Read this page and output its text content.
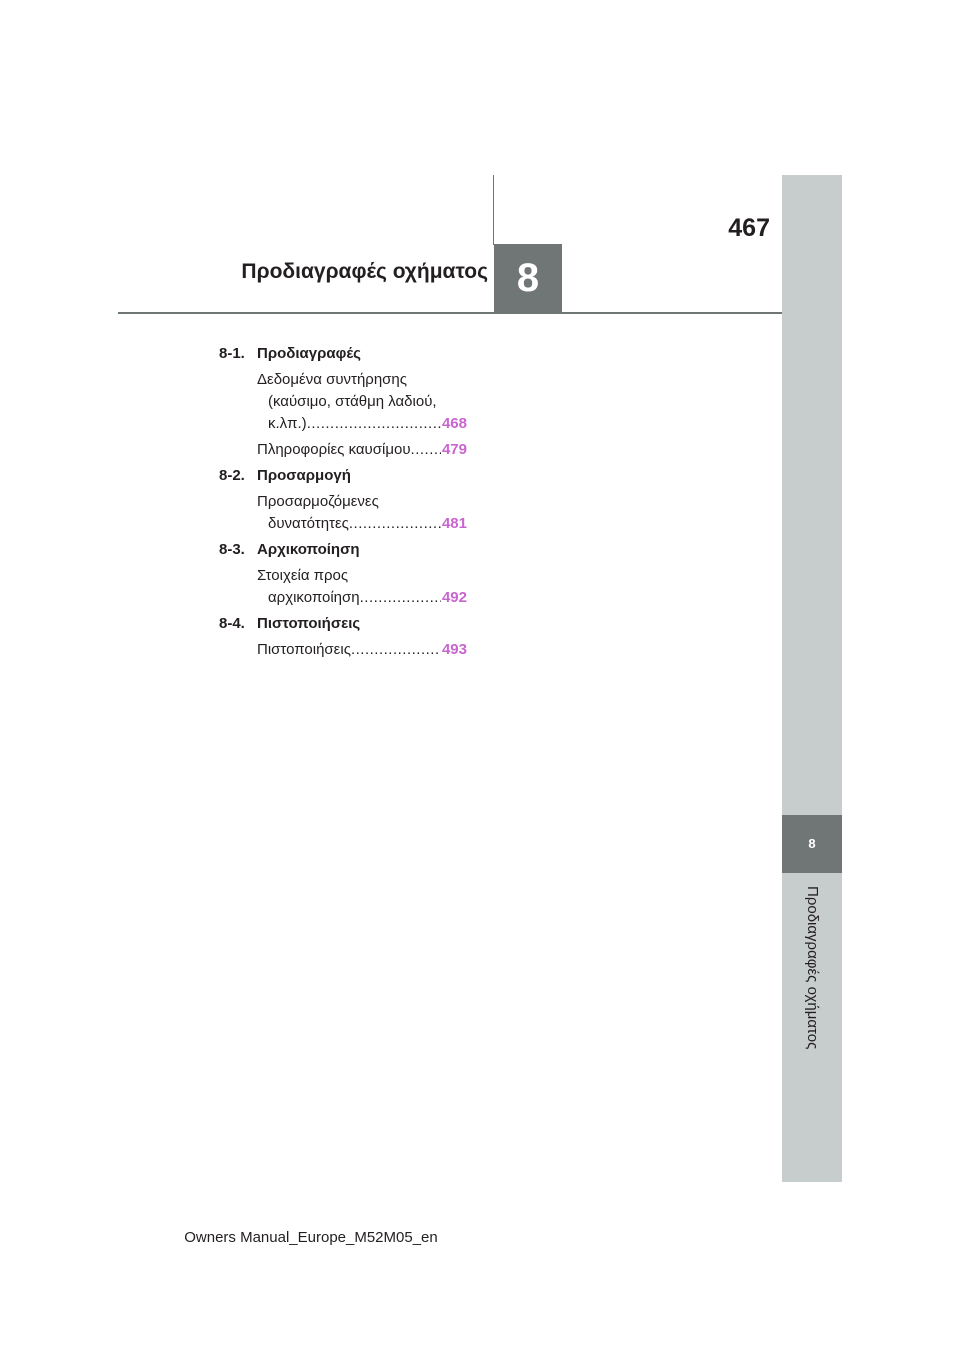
8
467
Προδιαγραφές οχήματος
8
Προδιαγραφές οχήματος
8-1. Προδιαγραφές
Δεδομένα συντήρησης
(καύσιμο, στάθμη λαδιού,
κ.λπ.) .....	468
Πληροφορίες καυσίμου ..... 479
8-2. Προσαρμογή
Προσαρμοζόμενες
δυνατότητες .....	481
8-3. Αρχικοποίηση
Στοιχεία προς
αρχικοποίηση .....	492
8-4. Πιστοποιήσεις
Πιστοποιήσεις .....	493
Owners Manual_Europe_M52M05_en
